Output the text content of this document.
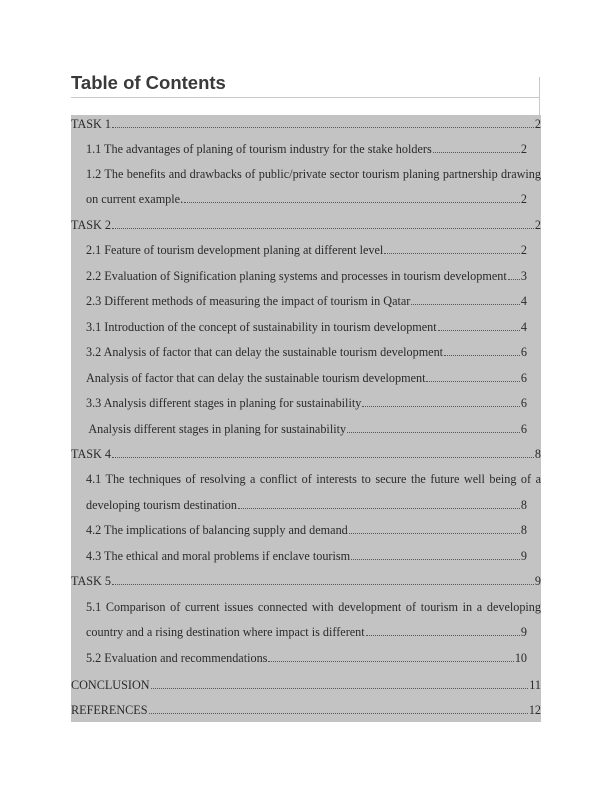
Table of Contents
TASK 1	2
1.1 The advantages of planing of tourism industry for the stake holders	2
1.2 The benefits and drawbacks of public/private sector tourism planing partnership drawing
on current example.	2
TASK 2	2
2.1 Feature of tourism development planing at different level	2
2.2 Evaluation of Signification planing systems and processes in tourism development 3
2.3 Different methods of measuring the impact of tourism in Qatar	4
3.1 Introduction of the concept of sustainability in tourism development	4
3.2 Analysis of factor that can delay the sustainable tourism development	6
Analysis of factor that can delay the sustainable tourism development	6
3.3 Analysis different stages in planing for sustainability	6
Analysis different stages in planing for sustainability	6
TASK 4	8
4.1 The techniques of resolving a conflict of interests to secure the future well being of a
developing tourism destination	8
4.2 The implications of balancing supply and demand	8
4.3 The ethical and moral problems if enclave tourism	9
TASK 5	9
5.1 Comparison of current issues connected with development of tourism in a developing
country and a rising destination where impact is different	9
5.2 Evaluation and recommendations	10
CONCLUSION	11
REFERENCES	12
